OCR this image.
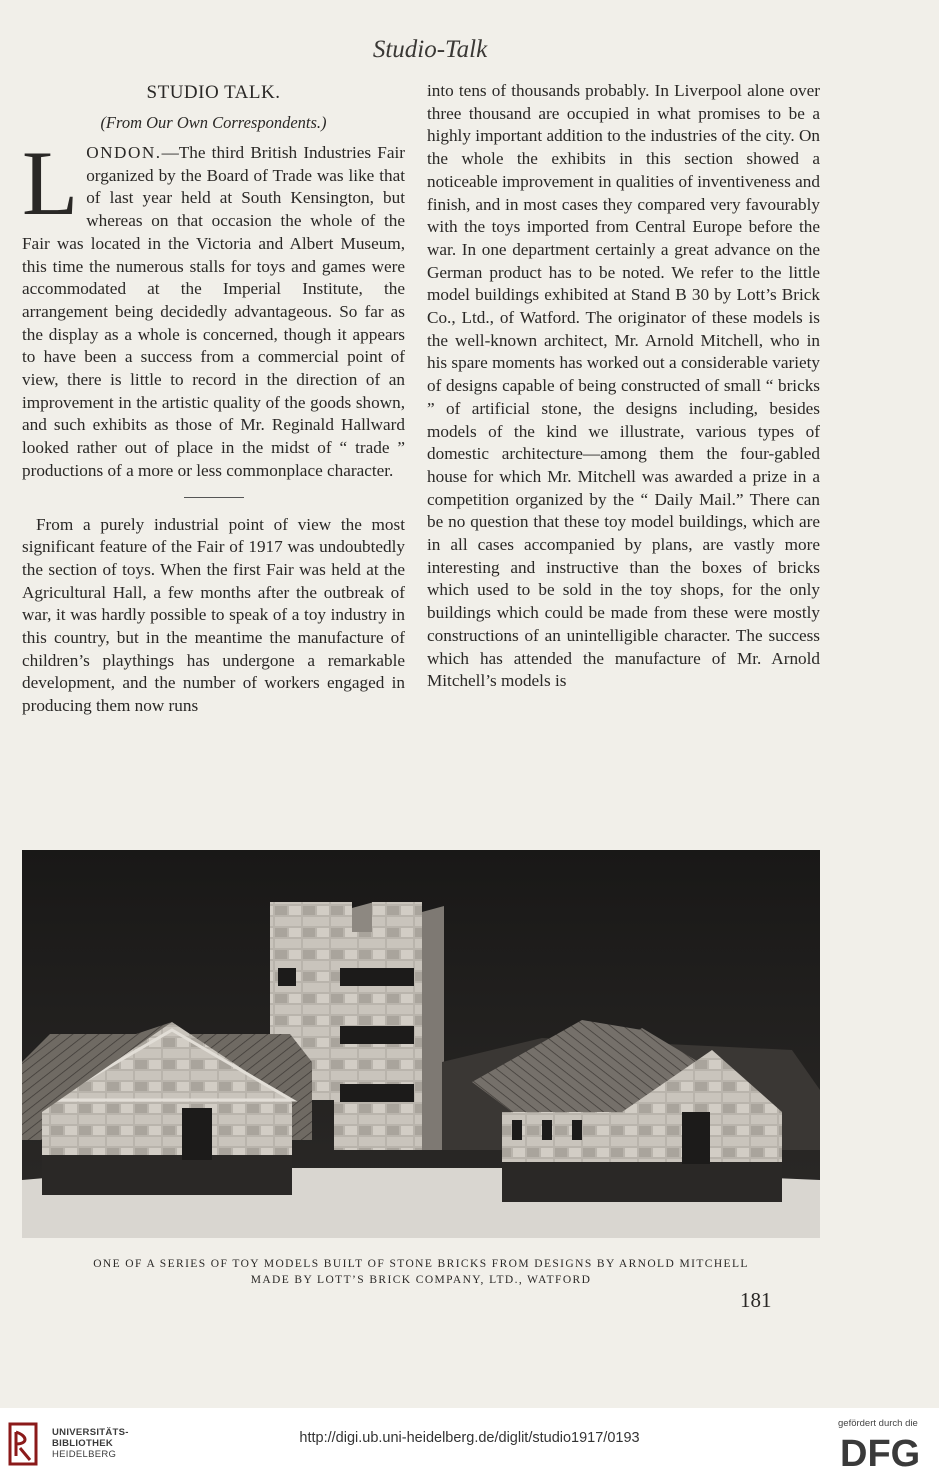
Studio-Talk
STUDIO TALK.
(From Our Own Correspondents.)

LONDON.—The third British Industries Fair organized by the Board of Trade was like that of last year held at South Kensington, but whereas on that occasion the whole of the Fair was located in the Victoria and Albert Museum, this time the numerous stalls for toys and games were accommodated at the Imperial Institute, the arrangement being decidedly advantageous. So far as the display as a whole is concerned, though it appears to have been a success from a commercial point of view, there is little to record in the direction of an improvement in the artistic quality of the goods shown, and such exhibits as those of Mr. Reginald Hallward looked rather out of place in the midst of “ trade ” productions of a more or less commonplace character.

From a purely industrial point of view the most significant feature of the Fair of 1917 was undoubtedly the section of toys. When the first Fair was held at the Agricultural Hall, a few months after the outbreak of war, it was hardly possible to speak of a toy industry in this country, but in the meantime the manufacture of children’s playthings has undergone a remarkable development, and the number of workers engaged in producing them now runs

into tens of thousands probably. In Liverpool alone over three thousand are occupied in what promises to be a highly important addition to the industries of the city. On the whole the exhibits in this section showed a noticeable improvement in qualities of inventiveness and finish, and in most cases they compared very favourably with the toys imported from Central Europe before the war. In one department certainly a great advance on the German product has to be noted. We refer to the little model buildings exhibited at Stand B 30 by Lott’s Brick Co., Ltd., of Watford. The originator of these models is the well-known architect, Mr. Arnold Mitchell, who in his spare moments has worked out a considerable variety of designs capable of being constructed of small “ bricks ” of artificial stone, the designs including, besides models of the kind we illustrate, various types of domestic architecture—among them the four-gabled house for which Mr. Mitchell was awarded a prize in a competition organized by the “ Daily Mail.” There can be no question that these toy model buildings, which are in all cases accompanied by plans, are vastly more interesting and instructive than the boxes of bricks which used to be sold in the toy shops, for the only buildings which could be made from these were mostly constructions of an unintelligible character. The success which has attended the manufacture of Mr. Arnold Mitchell’s models is

ONE OF A SERIES OF TOY MODELS BUILT OF STONE BRICKS FROM DESIGNS BY ARNOLD MITCHELL
MADE BY LOTT’S BRICK COMPANY, LTD., WATFORD
181
UNIVERSITÄTS-
BIBLIOTHEK
HEIDELBERG
http://digi.ub.uni-heidelberg.de/diglit/studio1917/0193
gefördert durch die
DFG
